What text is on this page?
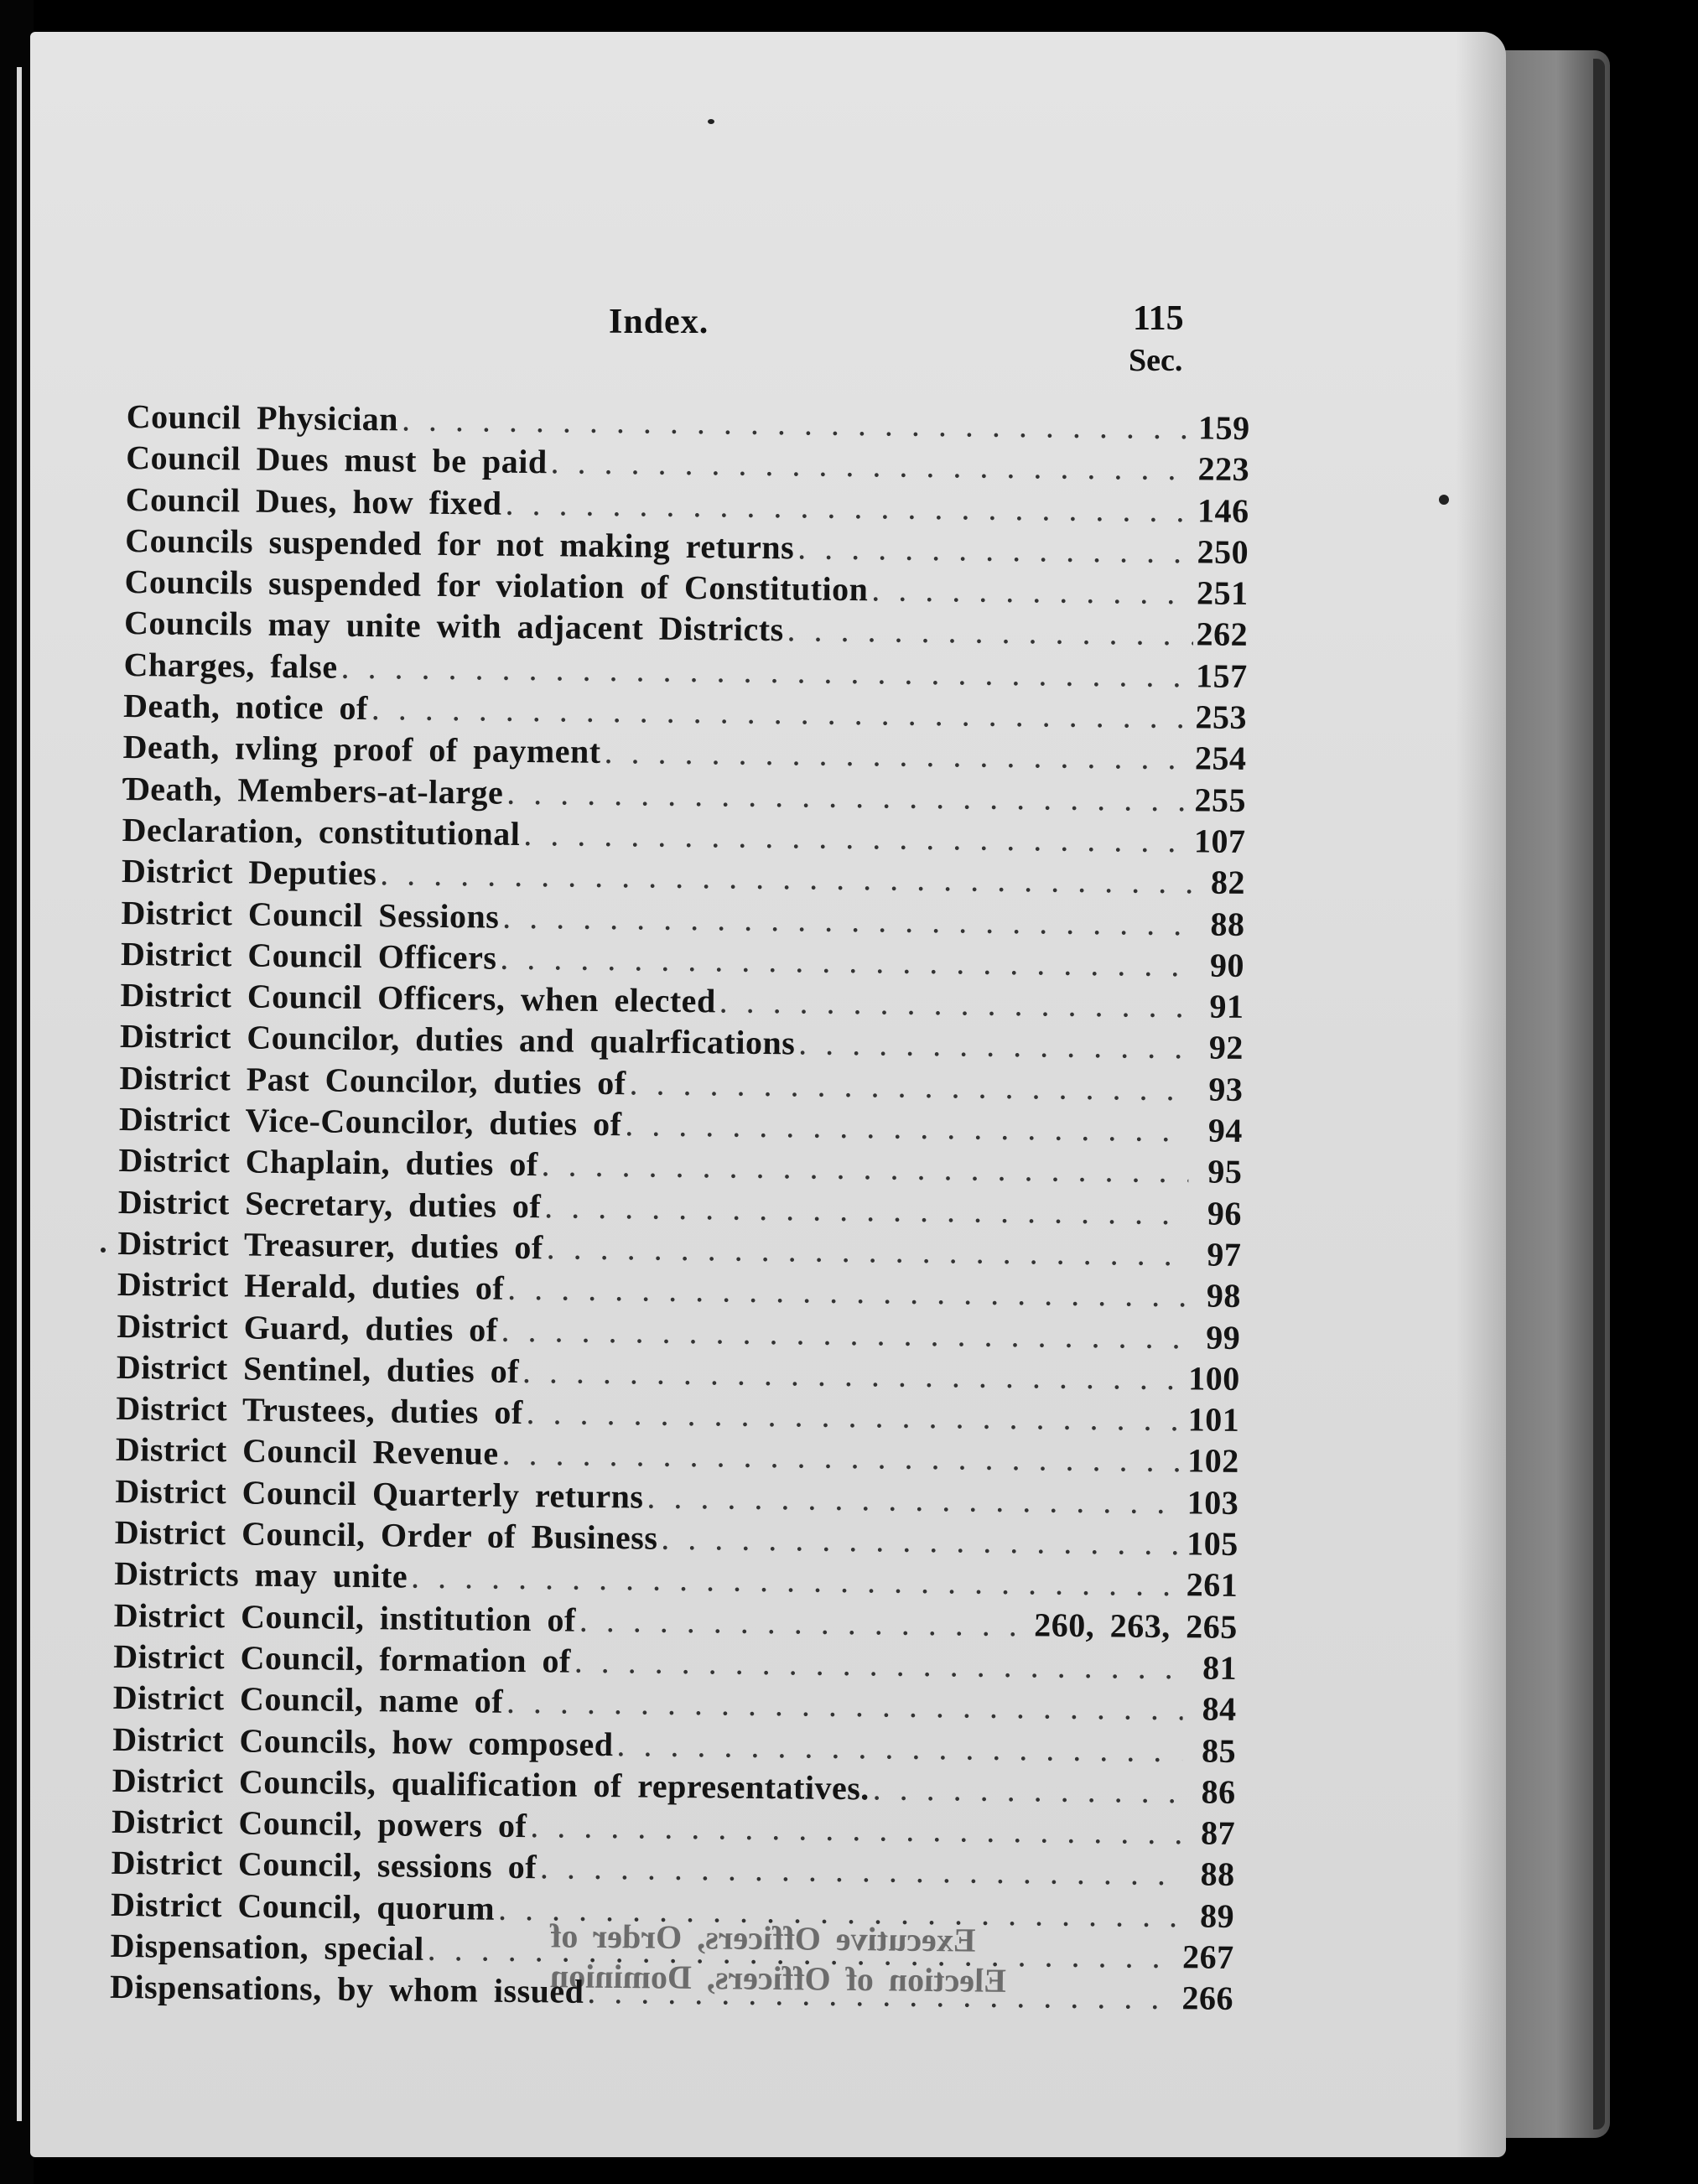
Index.	115
Sec.
Council Physician . . .	159
Council Dues must be paid . . .	223
Council Dues, how fixed . . .	146
Councils suspended for not making returns . . .	250
Councils suspended for violation of Constitution . . .	251
Councils may unite with adjacent Districts . . .	262
Charges, false . . .	157
Death, notice of . . .	253
Death, ɪvling proof of payment . . .	254
Ɗeath, Members-at-large . . .	255
Declaration, constitutional . . .	107
District Deputies . . .	82
District Council Sessions . . .	88
District Council Officers . . .	90
District Council Officers, when elected . . .	91
District Councilor, duties and qualrfications . . .	92
District Past Councilor, duties of . . .	93
District Vice-Councilor, duties of . . .	94
District Chaplain, duties of . . .	95
District Secretary, duties of . . .	96
District Treasurer, duties of . . .	97
District Herald, duties of . . .	98
District Guard, duties of . . .	99
District Sentinel, duties of . . .	100
District Trustees, duties of . . .	101
District Council Revenue . . .	102
District Council Quarterly returns . . .	103
District Council, Order of Business . . .	105
Districts may unite . . .	261
District Council, institution of . . .	260, 263, 265
District Council, formation of . . .	81
District Council, name of . . .	84
District Councils, how composed . . .	85
District Councils, qualification of representatives. . . .	86
District Council, powers of . . .	87
District Council, sessions of . . .	88
District Council, quorum . . .	89
Dispensation, special . . .	267
Dispensations, by whom issued . . .	266
Executive Officers, Order of
Election of Officers, Dominion
